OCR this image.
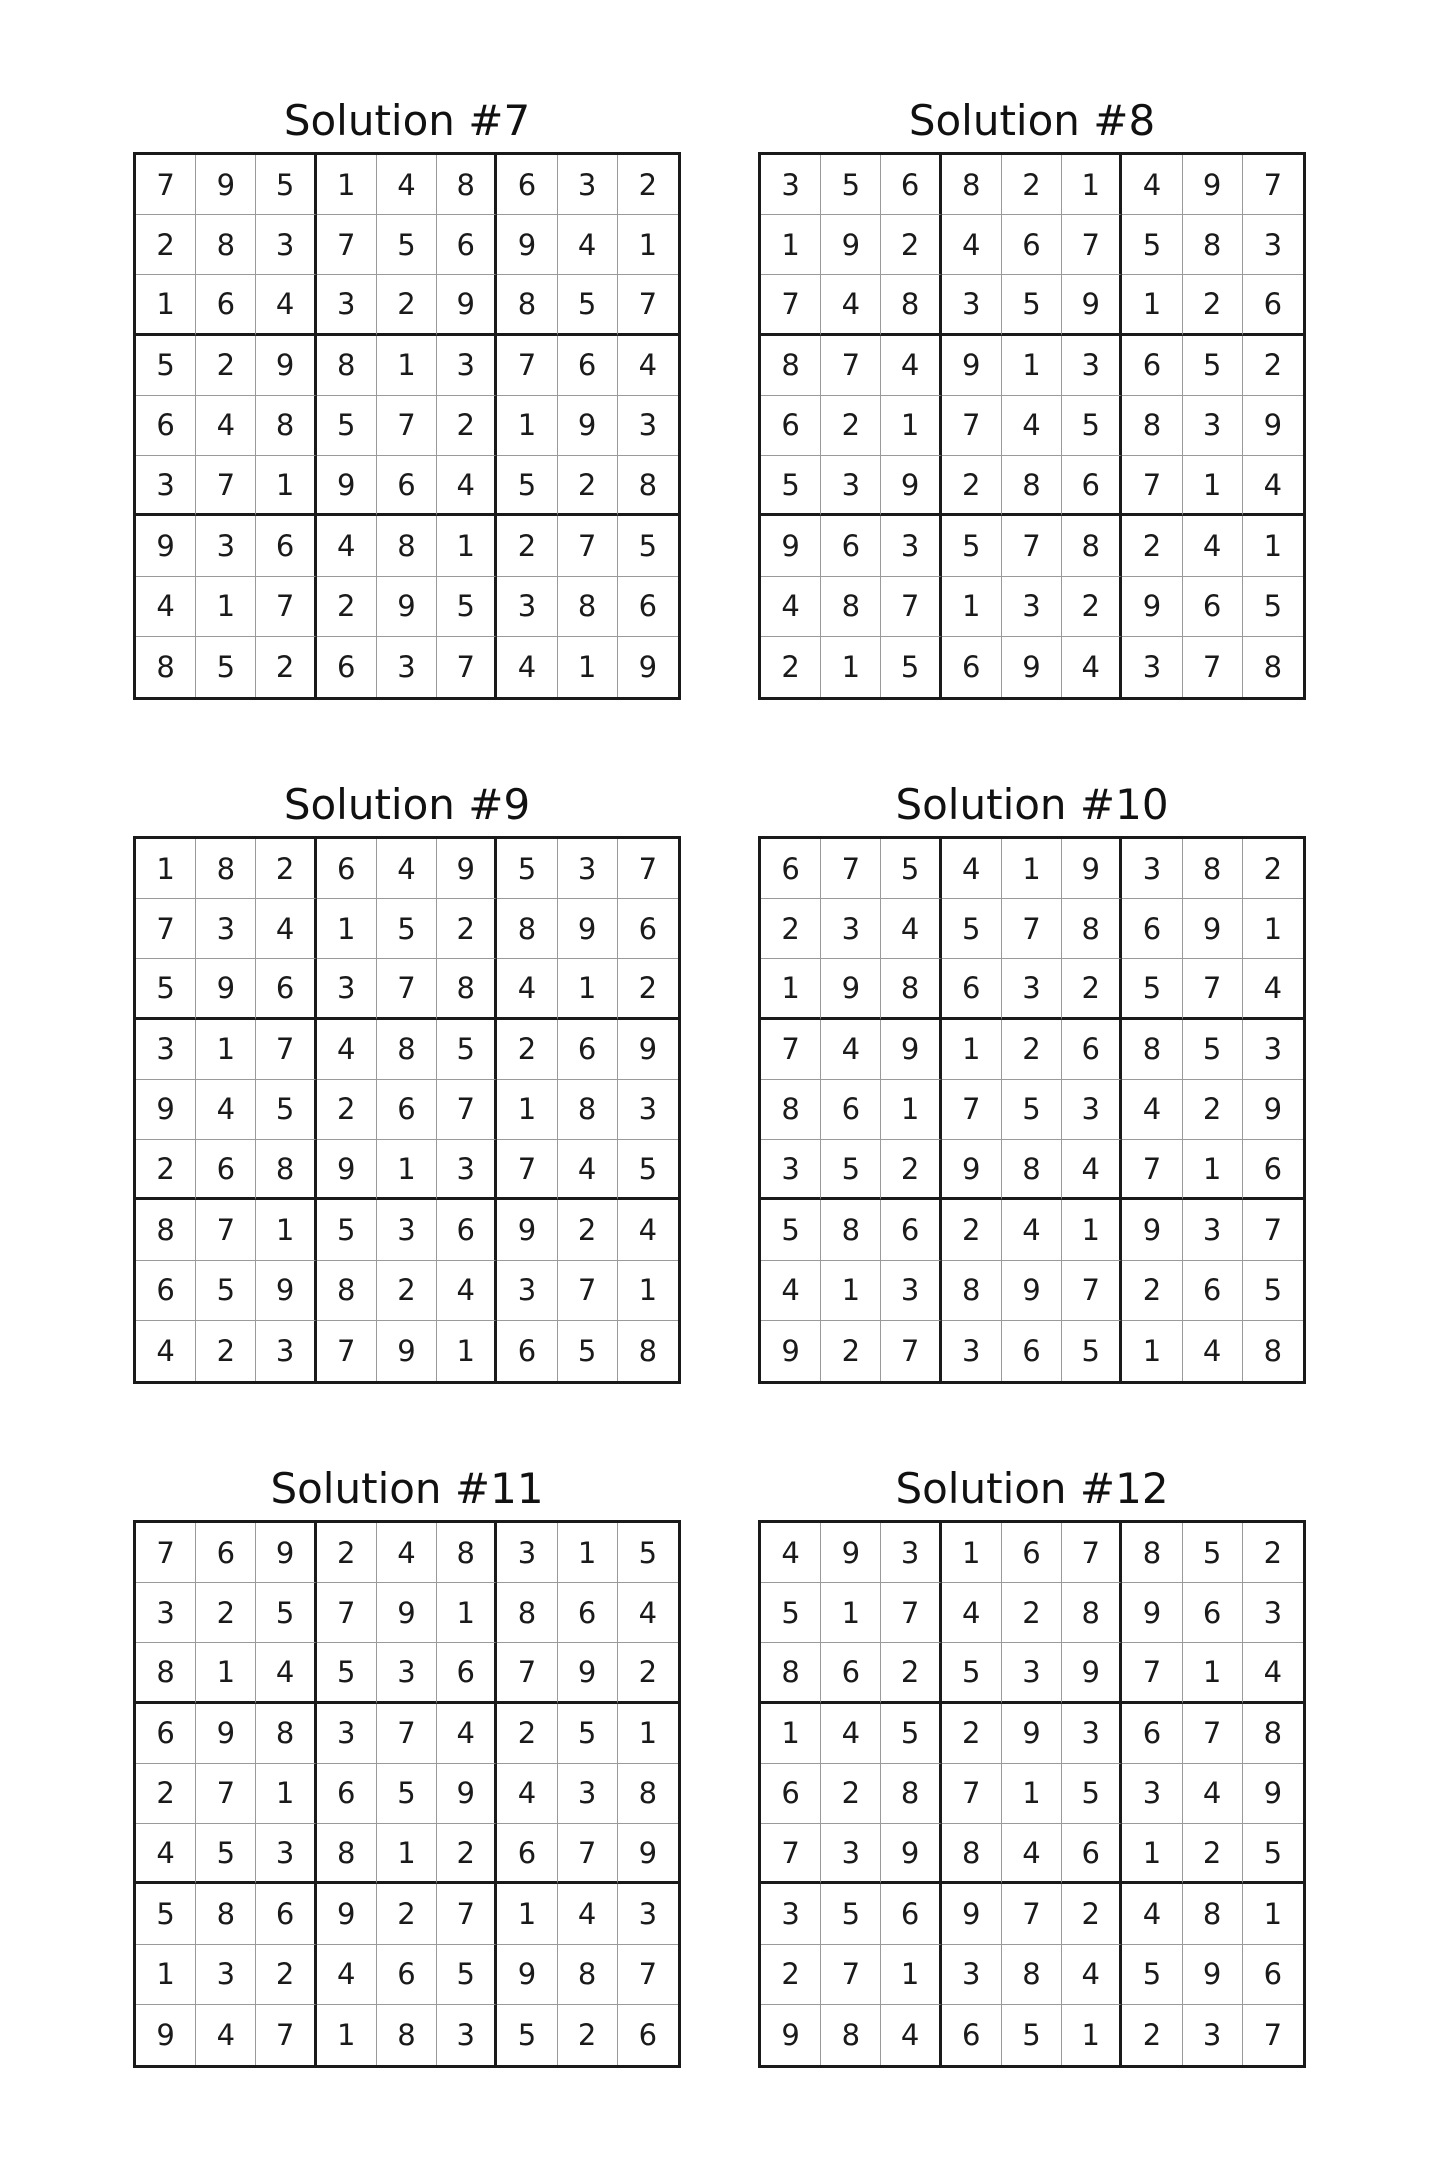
Solution #7
7	9	5	1	4	8	6	3	2
2	8	3	7	5	6	9	4	1
1	6	4	3	2	9	8	5	7
5	2	9	8	1	3	7	6	4
6	4	8	5	7	2	1	9	3
3	7	1	9	6	4	5	2	8
9	3	6	4	8	1	2	7	5
4	1	7	2	9	5	3	8	6
8	5	2	6	3	7	4	1	9
Solution #8
3	5	6	8	2	1	4	9	7
1	9	2	4	6	7	5	8	3
7	4	8	3	5	9	1	2	6
8	7	4	9	1	3	6	5	2
6	2	1	7	4	5	8	3	9
5	3	9	2	8	6	7	1	4
9	6	3	5	7	8	2	4	1
4	8	7	1	3	2	9	6	5
2	1	5	6	9	4	3	7	8
Solution #9
1	8	2	6	4	9	5	3	7
7	3	4	1	5	2	8	9	6
5	9	6	3	7	8	4	1	2
3	1	7	4	8	5	2	6	9
9	4	5	2	6	7	1	8	3
2	6	8	9	1	3	7	4	5
8	7	1	5	3	6	9	2	4
6	5	9	8	2	4	3	7	1
4	2	3	7	9	1	6	5	8
Solution #10
6	7	5	4	1	9	3	8	2
2	3	4	5	7	8	6	9	1
1	9	8	6	3	2	5	7	4
7	4	9	1	2	6	8	5	3
8	6	1	7	5	3	4	2	9
3	5	2	9	8	4	7	1	6
5	8	6	2	4	1	9	3	7
4	1	3	8	9	7	2	6	5
9	2	7	3	6	5	1	4	8
Solution #11
7	6	9	2	4	8	3	1	5
3	2	5	7	9	1	8	6	4
8	1	4	5	3	6	7	9	2
6	9	8	3	7	4	2	5	1
2	7	1	6	5	9	4	3	8
4	5	3	8	1	2	6	7	9
5	8	6	9	2	7	1	4	3
1	3	2	4	6	5	9	8	7
9	4	7	1	8	3	5	2	6
Solution #12
4	9	3	1	6	7	8	5	2
5	1	7	4	2	8	9	6	3
8	6	2	5	3	9	7	1	4
1	4	5	2	9	3	6	7	8
6	2	8	7	1	5	3	4	9
7	3	9	8	4	6	1	2	5
3	5	6	9	7	2	4	8	1
2	7	1	3	8	4	5	9	6
9	8	4	6	5	1	2	3	7
